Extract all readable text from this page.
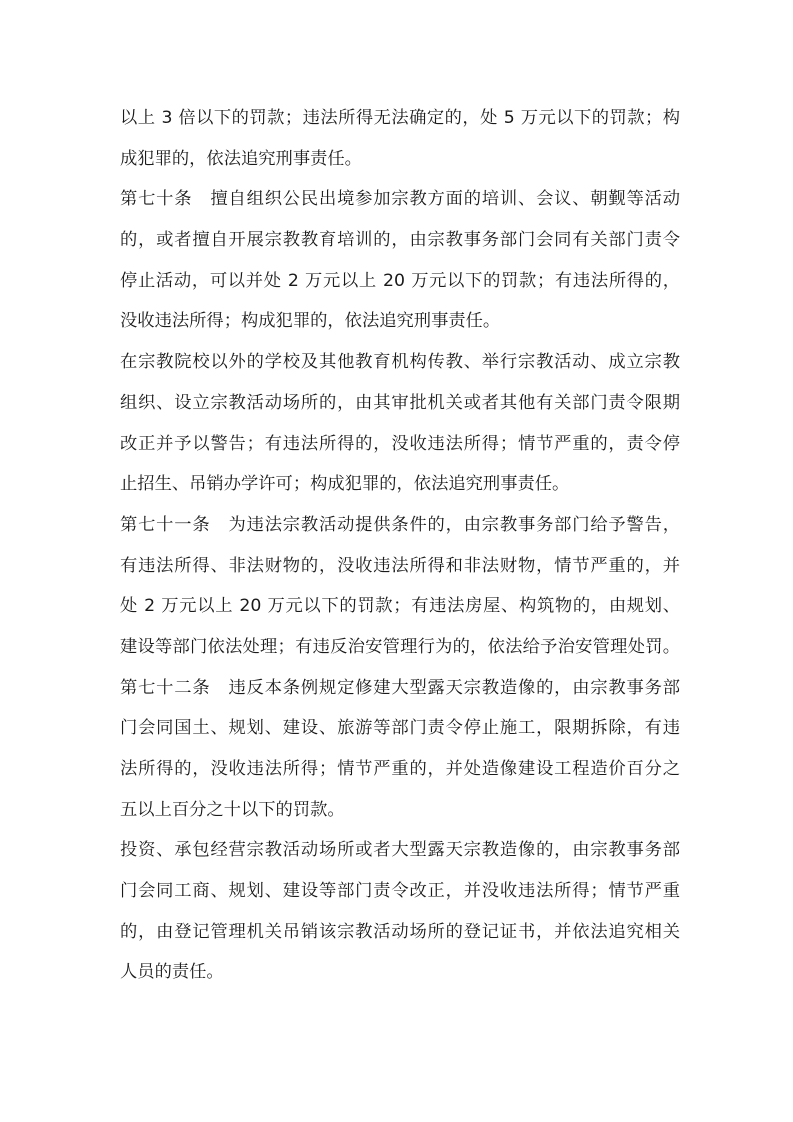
以上 3 倍以下的罚款；违法所得无法确定的，处 5 万元以下的罚款；构
成犯罪的，依法追究刑事责任。
第七十条　擅自组织公民出境参加宗教方面的培训、会议、朝觐等活动
的，或者擅自开展宗教教育培训的，由宗教事务部门会同有关部门责令
停止活动，可以并处 2 万元以上 20 万元以下的罚款；有违法所得的，
没收违法所得；构成犯罪的，依法追究刑事责任。
在宗教院校以外的学校及其他教育机构传教、举行宗教活动、成立宗教
组织、设立宗教活动场所的，由其审批机关或者其他有关部门责令限期
改正并予以警告；有违法所得的，没收违法所得；情节严重的，责令停
止招生、吊销办学许可；构成犯罪的，依法追究刑事责任。
第七十一条　为违法宗教活动提供条件的，由宗教事务部门给予警告，
有违法所得、非法财物的，没收违法所得和非法财物，情节严重的，并
处 2 万元以上 20 万元以下的罚款；有违法房屋、构筑物的，由规划、
建设等部门依法处理；有违反治安管理行为的，依法给予治安管理处罚。
第七十二条　违反本条例规定修建大型露天宗教造像的，由宗教事务部
门会同国土、规划、建设、旅游等部门责令停止施工，限期拆除，有违
法所得的，没收违法所得；情节严重的，并处造像建设工程造价百分之
五以上百分之十以下的罚款。
投资、承包经营宗教活动场所或者大型露天宗教造像的，由宗教事务部
门会同工商、规划、建设等部门责令改正，并没收违法所得；情节严重
的，由登记管理机关吊销该宗教活动场所的登记证书，并依法追究相关
人员的责任。
